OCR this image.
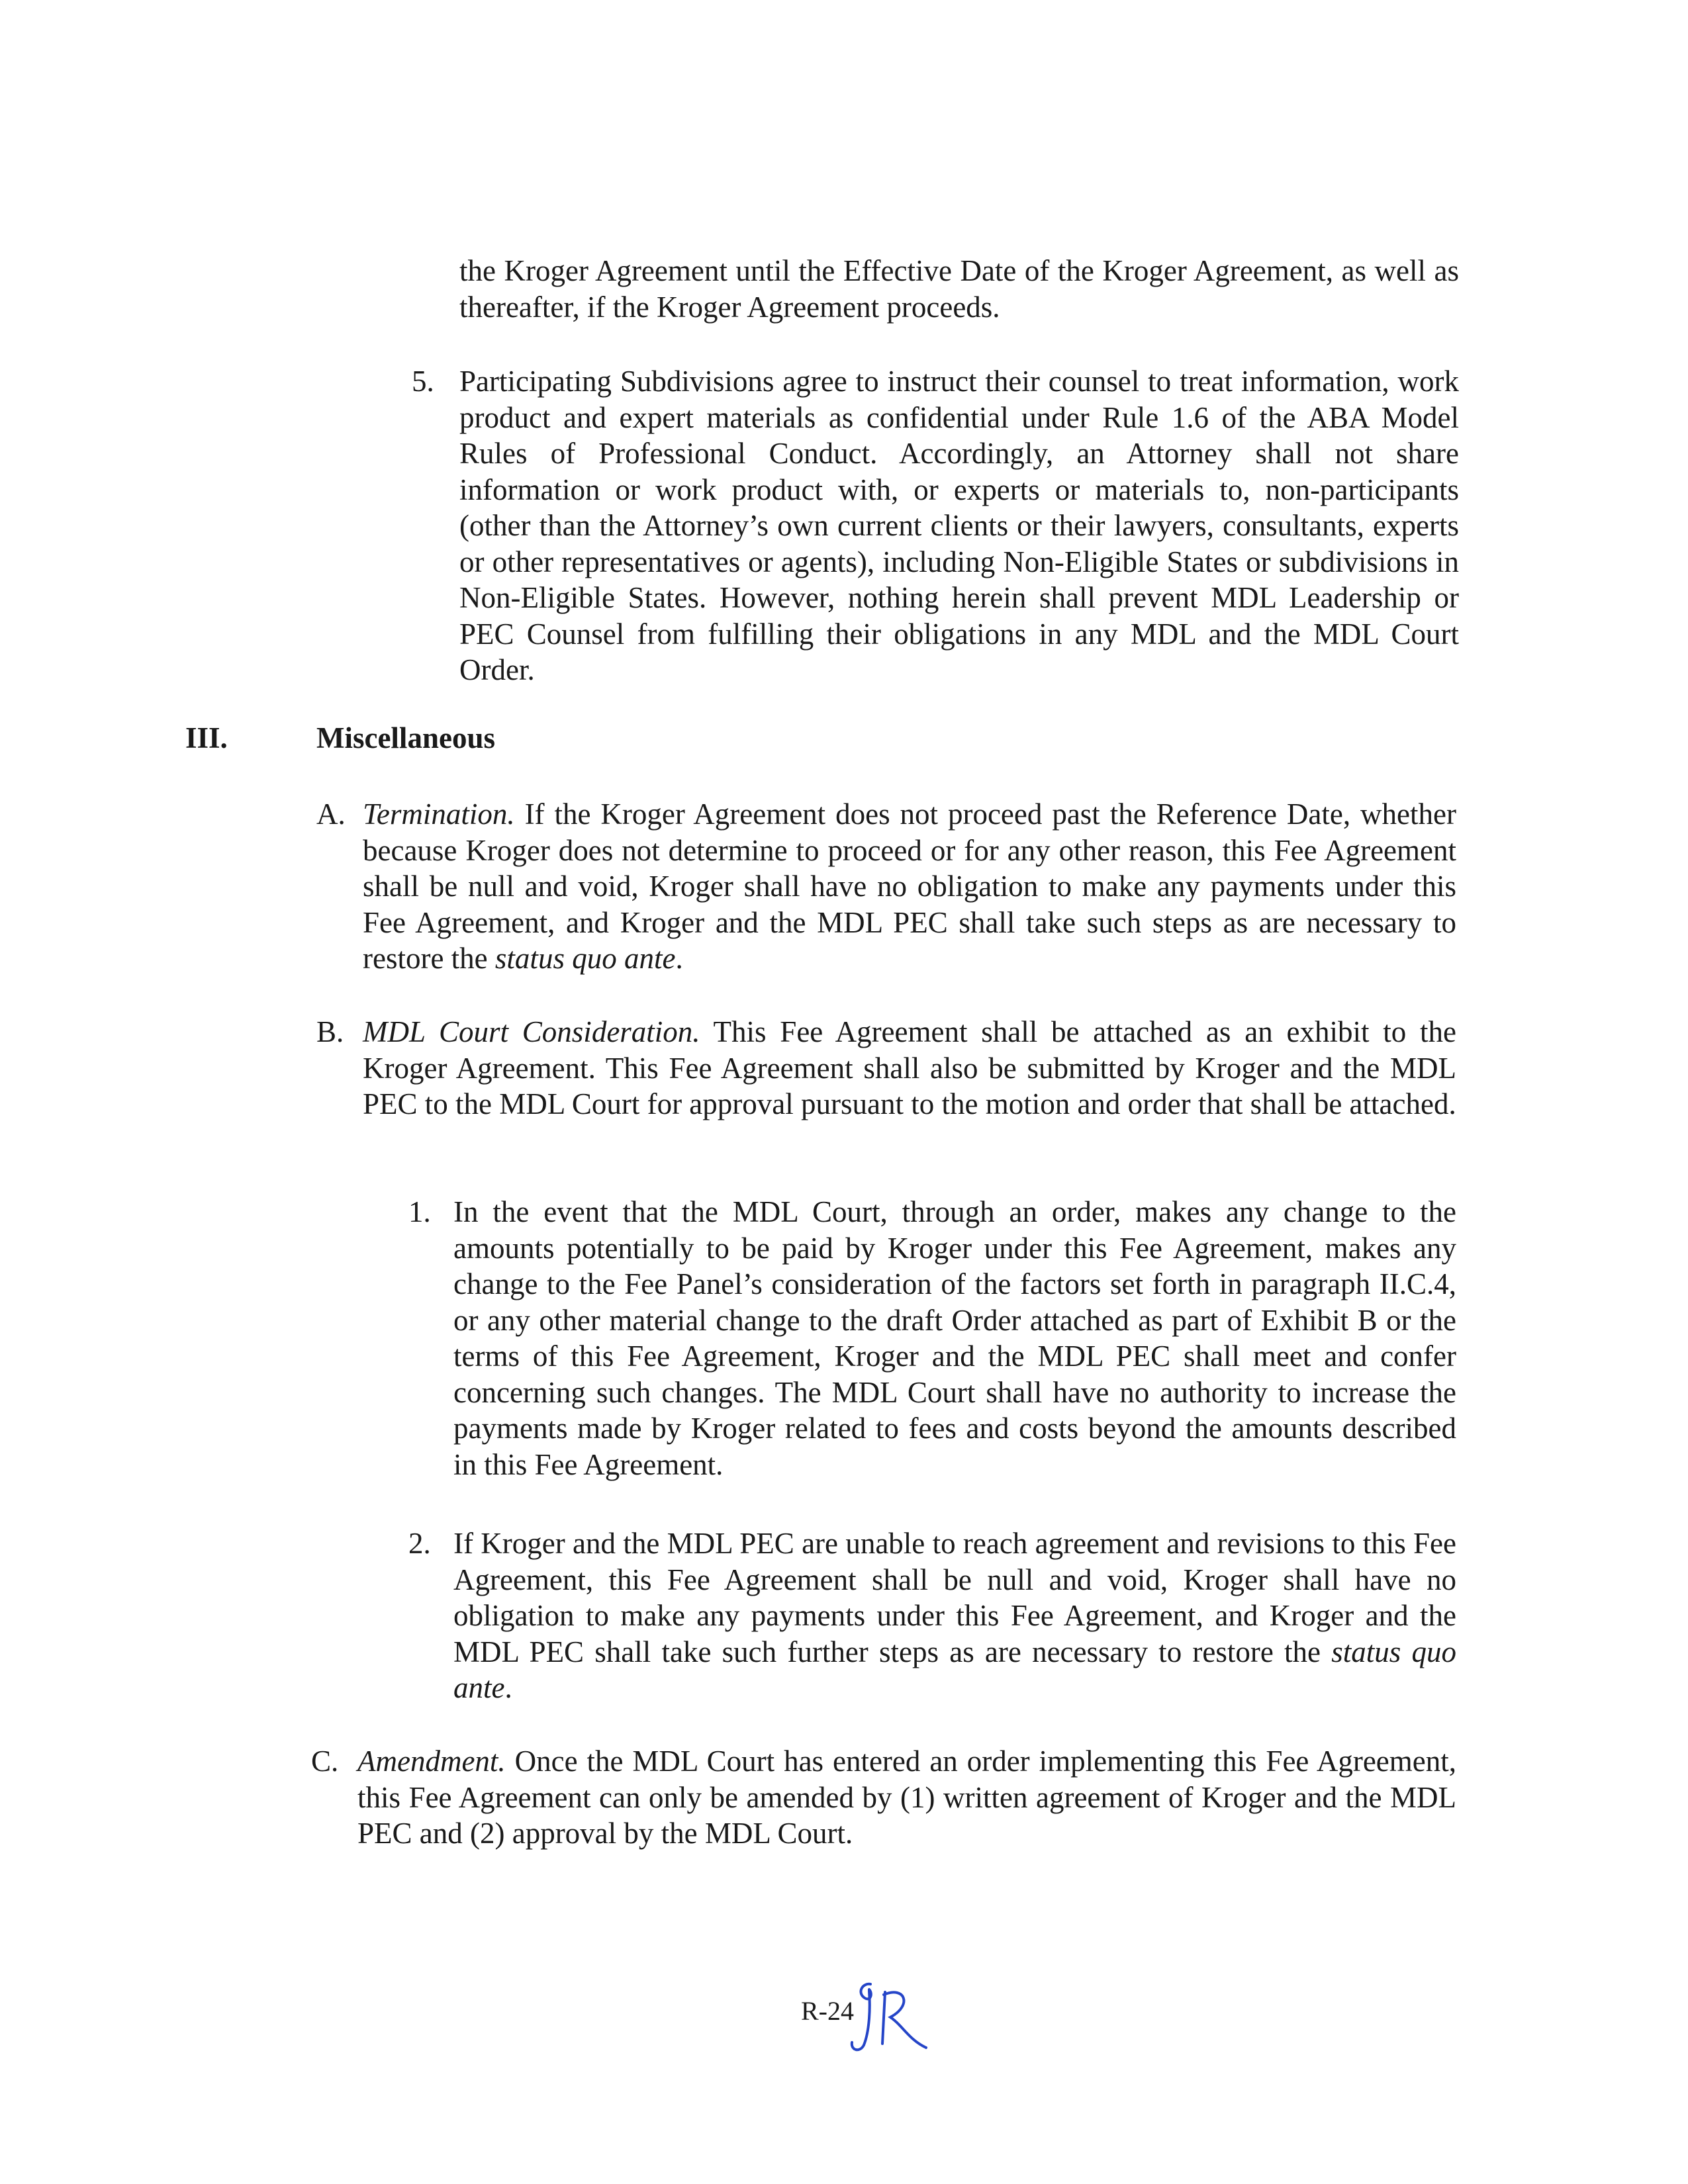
the Kroger Agreement until the Effective Date of the Kroger Agreement, as well as thereafter, if the Kroger Agreement proceeds.

5. Participating Subdivisions agree to instruct their counsel to treat information, work product and expert materials as confidential under Rule 1.6 of the ABA Model Rules of Professional Conduct. Accordingly, an Attorney shall not share information or work product with, or experts or materials to, non-participants (other than the Attorney’s own current clients or their lawyers, consultants, experts or other representatives or agents), including Non-Eligible States or subdivisions in Non-Eligible States. However, nothing herein shall prevent MDL Leadership or PEC Counsel from fulfilling their obligations in any MDL and the MDL Court Order.

III.	Miscellaneous
A. Termination. If the Kroger Agreement does not proceed past the Reference Date, whether because Kroger does not determine to proceed or for any other reason, this Fee Agreement shall be null and void, Kroger shall have no obligation to make any payments under this Fee Agreement, and Kroger and the MDL PEC shall take such steps as are necessary to restore the status quo ante.

B. MDL Court Consideration. This Fee Agreement shall be attached as an exhibit to the Kroger Agreement. This Fee Agreement shall also be submitted by Kroger and the MDL PEC to the MDL Court for approval pursuant to the motion and order that shall be attached.

1. In the event that the MDL Court, through an order, makes any change to the amounts potentially to be paid by Kroger under this Fee Agreement, makes any change to the Fee Panel’s consideration of the factors set forth in paragraph II.C.4, or any other material change to the draft Order attached as part of Exhibit B or the terms of this Fee Agreement, Kroger and the MDL PEC shall meet and confer concerning such changes. The MDL Court shall have no authority to increase the payments made by Kroger related to fees and costs beyond the amounts described in this Fee Agreement.

2. If Kroger and the MDL PEC are unable to reach agreement and revisions to this Fee Agreement, this Fee Agreement shall be null and void, Kroger shall have no obligation to make any payments under this Fee Agreement, and Kroger and the MDL PEC shall take such further steps as are necessary to restore the status quo ante.

C. Amendment. Once the MDL Court has entered an order implementing this Fee Agreement, this Fee Agreement can only be amended by (1) written agreement of Kroger and the MDL PEC and (2) approval by the MDL Court.

R-24
